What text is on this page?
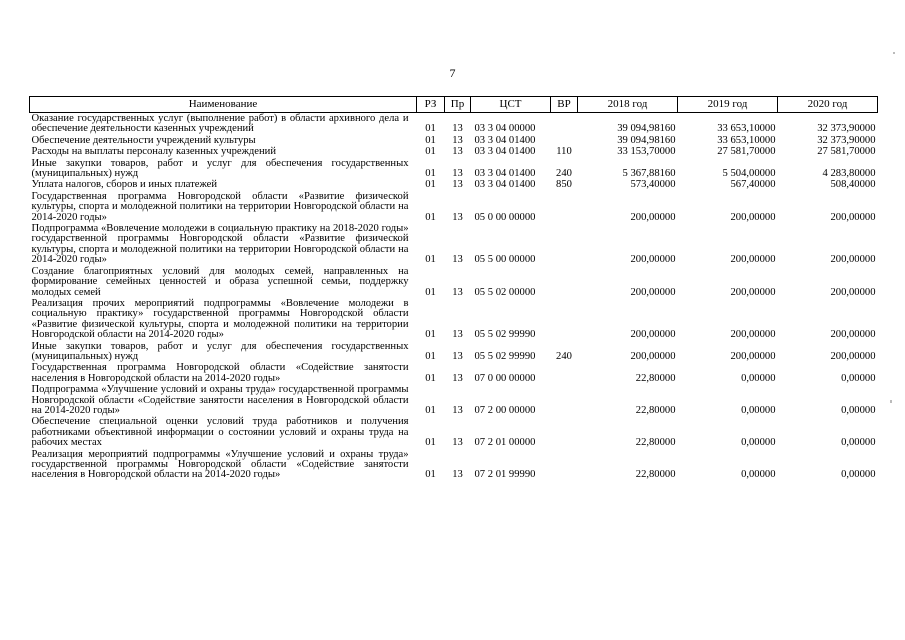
7
Наименование	РЗ	Пр	ЦСТ	ВР	2018 год	2019 год	2020 год
Оказание государственных услуг (выполнение работ) в области архивного дела и обеспечение деятельности казенных учреждений	01	13	03 3 04 00000		39 094,98160	33 653,10000	32 373,90000
Обеспечение деятельности учреждений культуры	01	13	03 3 04 01400		39 094,98160	33 653,10000	32 373,90000
Расходы на выплаты персоналу казенных учреждений	01	13	03 3 04 01400	110	33 153,70000	27 581,70000	27 581,70000
Иные закупки товаров, работ и услуг для обеспечения государственных (муниципальных) нужд	01	13	03 3 04 01400	240	5 367,88160	5 504,00000	4 283,80000
Уплата налогов, сборов и иных платежей	01	13	03 3 04 01400	850	573,40000	567,40000	508,40000
Государственная программа Новгородской области «Развитие физической культуры, спорта и молодежной политики на территории Новгородской области на 2014-2020 годы»	01	13	05 0 00 00000		200,00000	200,00000	200,00000
Подпрограмма «Вовлечение молодежи в социальную практику на 2018-2020 годы» государственной программы Новгородской области «Развитие физической культуры, спорта и молодежной политики на территории Новгородской области на 2014-2020 годы»	01	13	05 5 00 00000		200,00000	200,00000	200,00000
Создание благоприятных условий для молодых семей, направленных на формирование семейных ценностей и образа успешной семьи, поддержку молодых семей	01	13	05 5 02 00000		200,00000	200,00000	200,00000
Реализация прочих мероприятий подпрограммы «Вовлечение молодежи в социальную практику» государственной программы Новгородской области «Развитие физической культуры, спорта и молодежной политики на территории Новгородской области на 2014-2020 годы»	01	13	05 5 02 99990		200,00000	200,00000	200,00000
Иные закупки товаров, работ и услуг для обеспечения государственных (муниципальных) нужд	01	13	05 5 02 99990	240	200,00000	200,00000	200,00000
Государственная программа Новгородской области «Содействие занятости населения в Новгородской области на 2014-2020 годы»	01	13	07 0 00 00000		22,80000	0,00000	0,00000
Подпрограмма «Улучшение условий и охраны труда» государственной программы Новгородской области «Содействие занятости населения в Новгородской области на 2014-2020 годы»	01	13	07 2 00 00000		22,80000	0,00000	0,00000
Обеспечение специальной оценки условий труда работников и получения работниками объективной информации о состоянии условий и охраны труда на рабочих местах	01	13	07 2 01 00000		22,80000	0,00000	0,00000
Реализация мероприятий подпрограммы «Улучшение условий и охраны труда» государственной программы Новгородской области «Содействие занятости населения в Новгородской области на 2014-2020 годы»	01	13	07 2 01 99990		22,80000	0,00000	0,00000
